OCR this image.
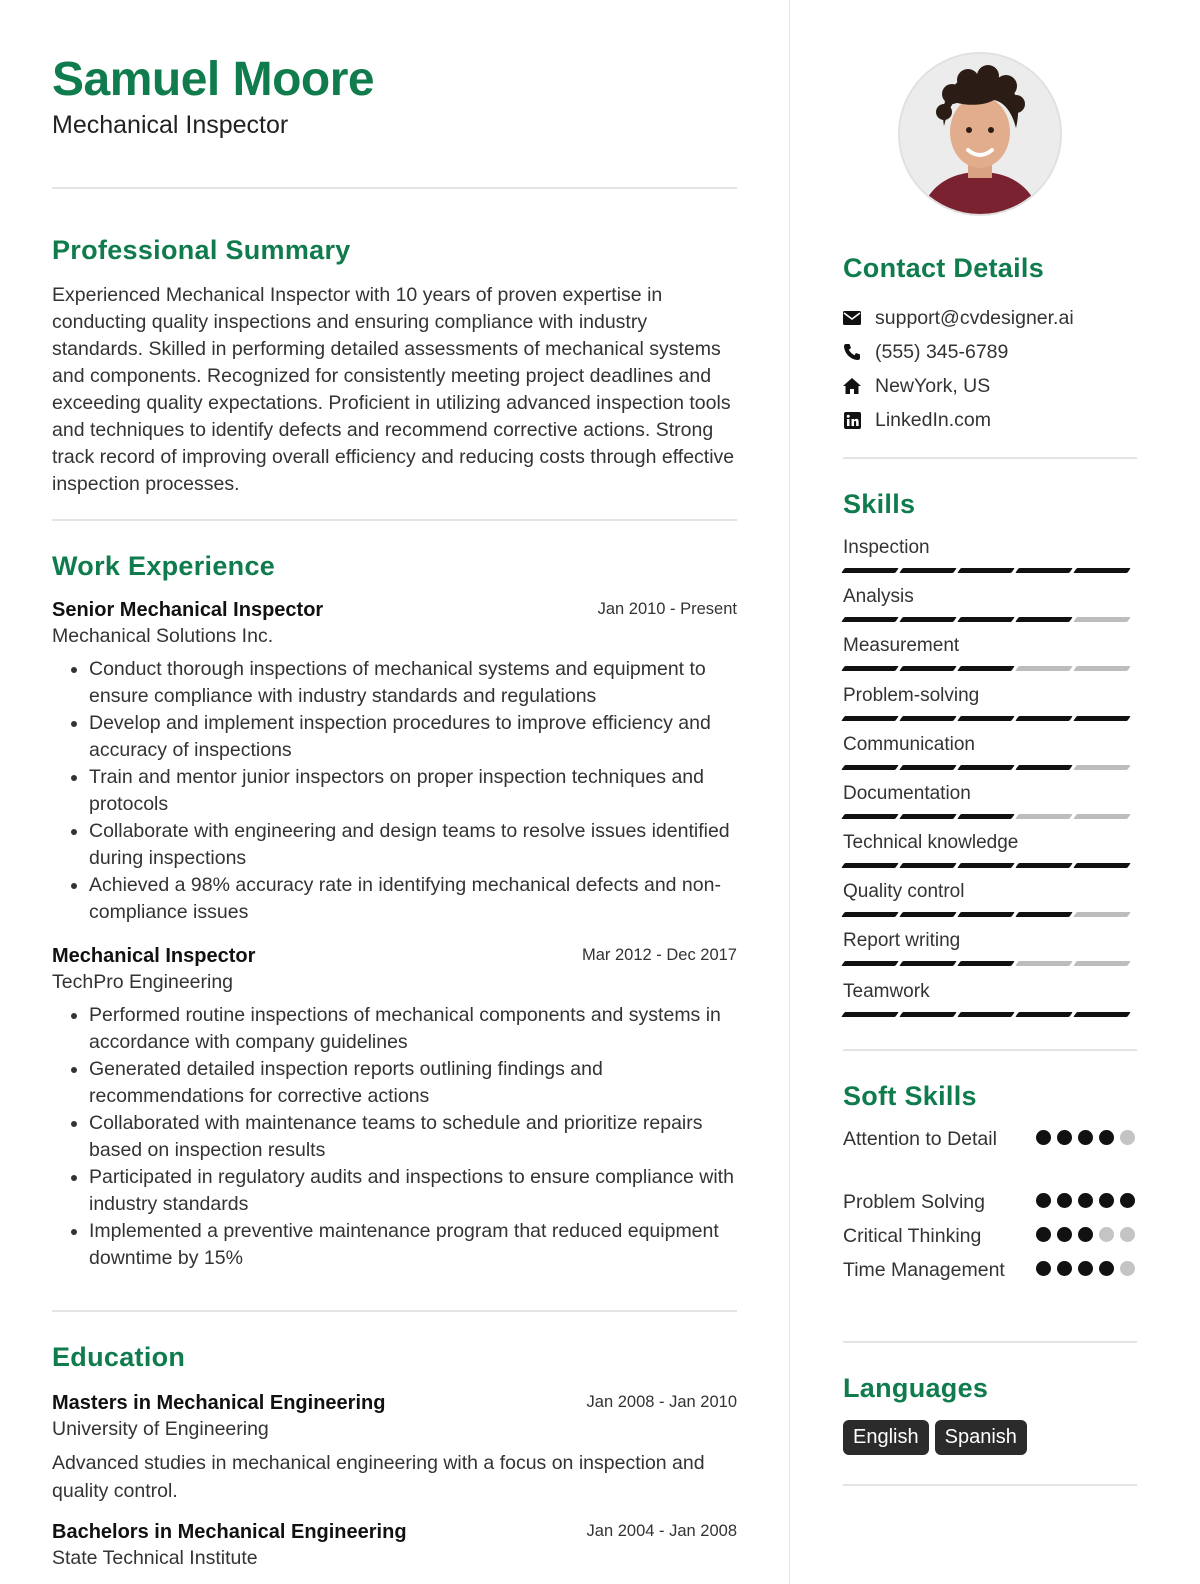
Samuel Moore
Mechanical Inspector
Professional Summary

Experienced Mechanical Inspector with 10 years of proven expertise in conducting quality inspections and ensuring compliance with industry standards. Skilled in performing detailed assessments of mechanical systems and components. Recognized for consistently meeting project deadlines and exceeding quality expectations. Proficient in utilizing advanced inspection tools and techniques to identify defects and recommend corrective actions. Strong track record of improving overall efficiency and reducing costs through effective inspection processes.

Work Experience
Senior Mechanical Inspector	Jan 2010 - Present
Mechanical Solutions Inc.
• Conduct thorough inspections of mechanical systems and equipment to ensure compliance with industry standards and regulations
• Develop and implement inspection procedures to improve efficiency and accuracy of inspections
• Train and mentor junior inspectors on proper inspection techniques and protocols
• Collaborate with engineering and design teams to resolve issues identified during inspections
• Achieved a 98% accuracy rate in identifying mechanical defects and non-compliance issues
Mechanical Inspector	Mar 2012 - Dec 2017
TechPro Engineering
• Performed routine inspections of mechanical components and systems in accordance with company guidelines
• Generated detailed inspection reports outlining findings and recommendations for corrective actions
• Collaborated with maintenance teams to schedule and prioritize repairs based on inspection results
• Participated in regulatory audits and inspections to ensure compliance with industry standards
• Implemented a preventive maintenance program that reduced equipment downtime by 15%
Education
Masters in Mechanical Engineering	Jan 2008 - Jan 2010
University of Engineering

Advanced studies in mechanical engineering with a focus on inspection and quality control.

Bachelors in Mechanical Engineering	Jan 2004 - Jan 2008
State Technical Institute
Contact Details
support@cvdesigner.ai
(555) 345-6789
NewYork, US
LinkedIn.com
Skills
Inspection
Analysis
Measurement
Problem-solving
Communication
Documentation
Technical knowledge
Quality control
Report writing
Teamwork
Soft Skills
Attention to Detail
Problem Solving
Critical Thinking
Time Management
Languages
English	Spanish
